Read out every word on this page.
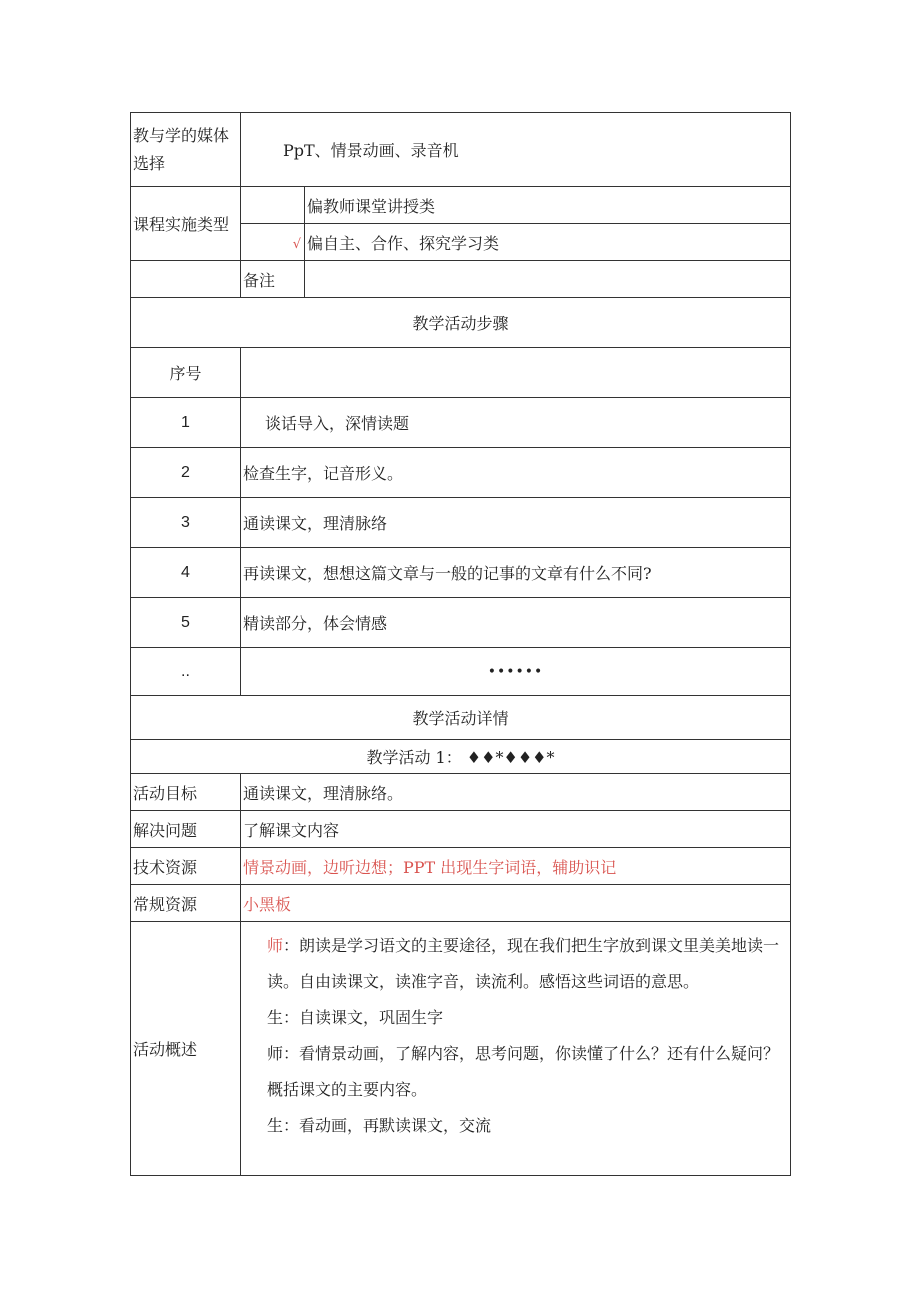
教与学的媒体选择	PpT、情景动画、录音机	
课程实施类型		偏教师课堂讲授类
	√	偏自主、合作、探究学习类
	备注	
教学活动步骤		
序号		
1	谈话导入，深情读题	
2	检查生字，记音形义。	
3	通读课文，理清脉络	
4	再读课文，想想这篇文章与一般的记事的文章有什么不同?	
5	精读部分，体会情感	
..	••••••	
教学活动详情		
教学活动 1： ♦♦*♦♦♦*		
活动目标	通读课文，理清脉络。	
解决问题	了解课文内容	
技术资源	情景动画，边听边想；PPT 出现生字词语，辅助识记	
常规资源	小黑板	
活动概述	师：朗读是学习语文的主要途径，现在我们把生字放到课文里美美地读一读。自由读课文，读准字音，读流利。感悟这些词语的意思。

生：自读课文，巩固生字

师：看情景动画，了解内容，思考问题，你读懂了什么？还有什么疑问？概括课文的主要内容。

生：看动画，再默读课文，交流	
